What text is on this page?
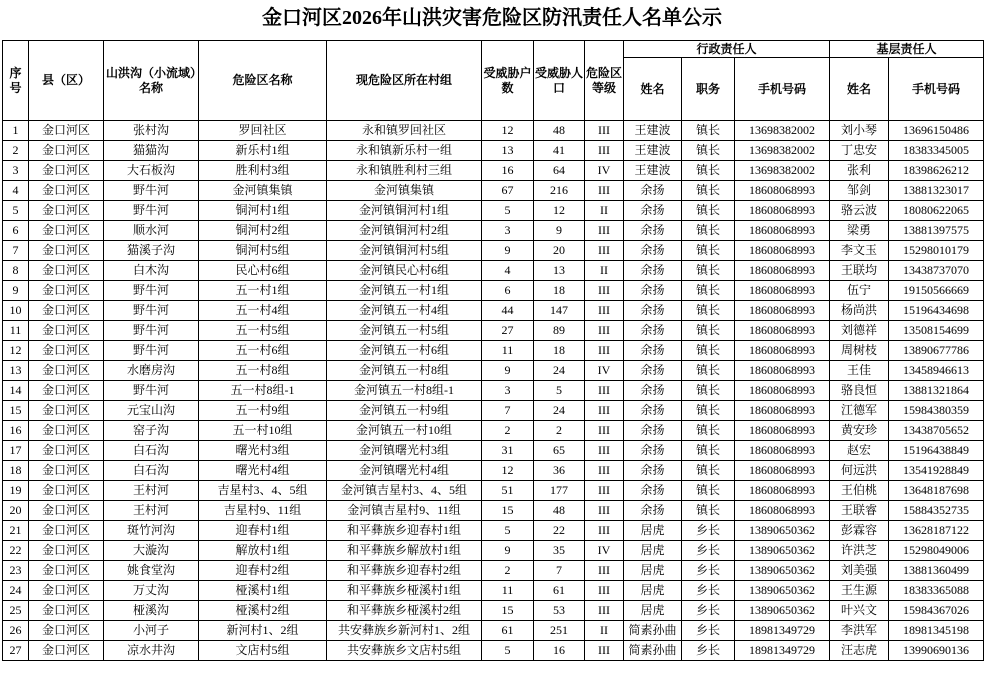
金口河区2026年山洪灾害危险区防汛责任人名单公示
序号	县（区）	山洪沟（小流域）名称	危险区名称	现危险区所在村组	受威胁户数	受威胁人口	危险区等级	行政责任人			基层责任人	
								姓名	职务	手机号码	姓名	手机号码
1	金口河区	张村沟	罗回社区	永和镇罗回社区	12	48	III	王建波	镇长	13698382002	刘小琴	13696150486
2	金口河区	猫猫沟	新乐村1组	永和镇新乐村一组	13	41	III	王建波	镇长	13698382002	丁忠安	18383345005
3	金口河区	大石板沟	胜利村3组	永和镇胜利村三组	16	64	IV	王建波	镇长	13698382002	张利	18398626212
4	金口河区	野牛河	金河镇集镇	金河镇集镇	67	216	III	余扬	镇长	18608068993	邹剑	13881323017
5	金口河区	野牛河	铜河村1组	金河镇铜河村1组	5	12	II	余扬	镇长	18608068993	骆云波	18080622065
6	金口河区	顺水河	铜河村2组	金河镇铜河村2组	3	9	III	余扬	镇长	18608068993	梁勇	13881397575
7	金口河区	猫溪子沟	铜河村5组	金河镇铜河村5组	9	20	III	余扬	镇长	18608068993	李文玉	15298010179
8	金口河区	白木沟	民心村6组	金河镇民心村6组	4	13	II	余扬	镇长	18608068993	王联均	13438737070
9	金口河区	野牛河	五一村1组	金河镇五一村1组	6	18	III	余扬	镇长	18608068993	伍宁	19150566669
10	金口河区	野牛河	五一村4组	金河镇五一村4组	44	147	III	余扬	镇长	18608068993	杨尚洪	15196434698
11	金口河区	野牛河	五一村5组	金河镇五一村5组	27	89	III	余扬	镇长	18608068993	刘德祥	13508154699
12	金口河区	野牛河	五一村6组	金河镇五一村6组	11	18	III	余扬	镇长	18608068993	周树枝	13890677786
13	金口河区	水磨房沟	五一村8组	金河镇五一村8组	9	24	IV	余扬	镇长	18608068993	王佳	13458946613
14	金口河区	野牛河	五一村8组-1	金河镇五一村8组-1	3	5	III	余扬	镇长	18608068993	骆良恒	13881321864
15	金口河区	元宝山沟	五一村9组	金河镇五一村9组	7	24	III	余扬	镇长	18608068993	江德军	15984380359
16	金口河区	窑子沟	五一村10组	金河镇五一村10组	2	2	III	余扬	镇长	18608068993	黄安珍	13438705652
17	金口河区	白石沟	曙光村3组	金河镇曙光村3组	31	65	III	余扬	镇长	18608068993	赵宏	15196438849
18	金口河区	白石沟	曙光村4组	金河镇曙光村4组	12	36	III	余扬	镇长	18608068993	何远洪	13541928849
19	金口河区	王村河	吉星村3、4、5组	金河镇吉星村3、4、5组	51	177	III	余扬	镇长	18608068993	王伯桃	13648187698
20	金口河区	王村河	吉星村9、11组	金河镇吉星村9、11组	15	48	III	余扬	镇长	18608068993	王联睿	15884352735
21	金口河区	斑竹河沟	迎春村1组	和平彝族乡迎春村1组	5	22	III	居虎	乡长	13890650362	彭霖容	13628187122
22	金口河区	大漩沟	解放村1组	和平彝族乡解放村1组	9	35	IV	居虎	乡长	13890650362	许洪芝	15298049006
23	金口河区	姚食堂沟	迎春村2组	和平彝族乡迎春村2组	2	7	III	居虎	乡长	13890650362	刘美强	13881360499
24	金口河区	万丈沟	桠溪村1组	和平彝族乡桠溪村1组	11	61	III	居虎	乡长	13890650362	王生源	18383365088
25	金口河区	桠溪沟	桠溪村2组	和平彝族乡桠溪村2组	15	53	III	居虎	乡长	13890650362	叶兴文	15984367026
26	金口河区	小河子	新河村1、2组	共安彝族乡新河村1、2组	61	251	II	简素孙曲	乡长	18981349729	李洪军	18981345198
27	金口河区	凉水井沟	文店村5组	共安彝族乡文店村5组	5	16	III	简素孙曲	乡长	18981349729	汪志虎	13990690136
